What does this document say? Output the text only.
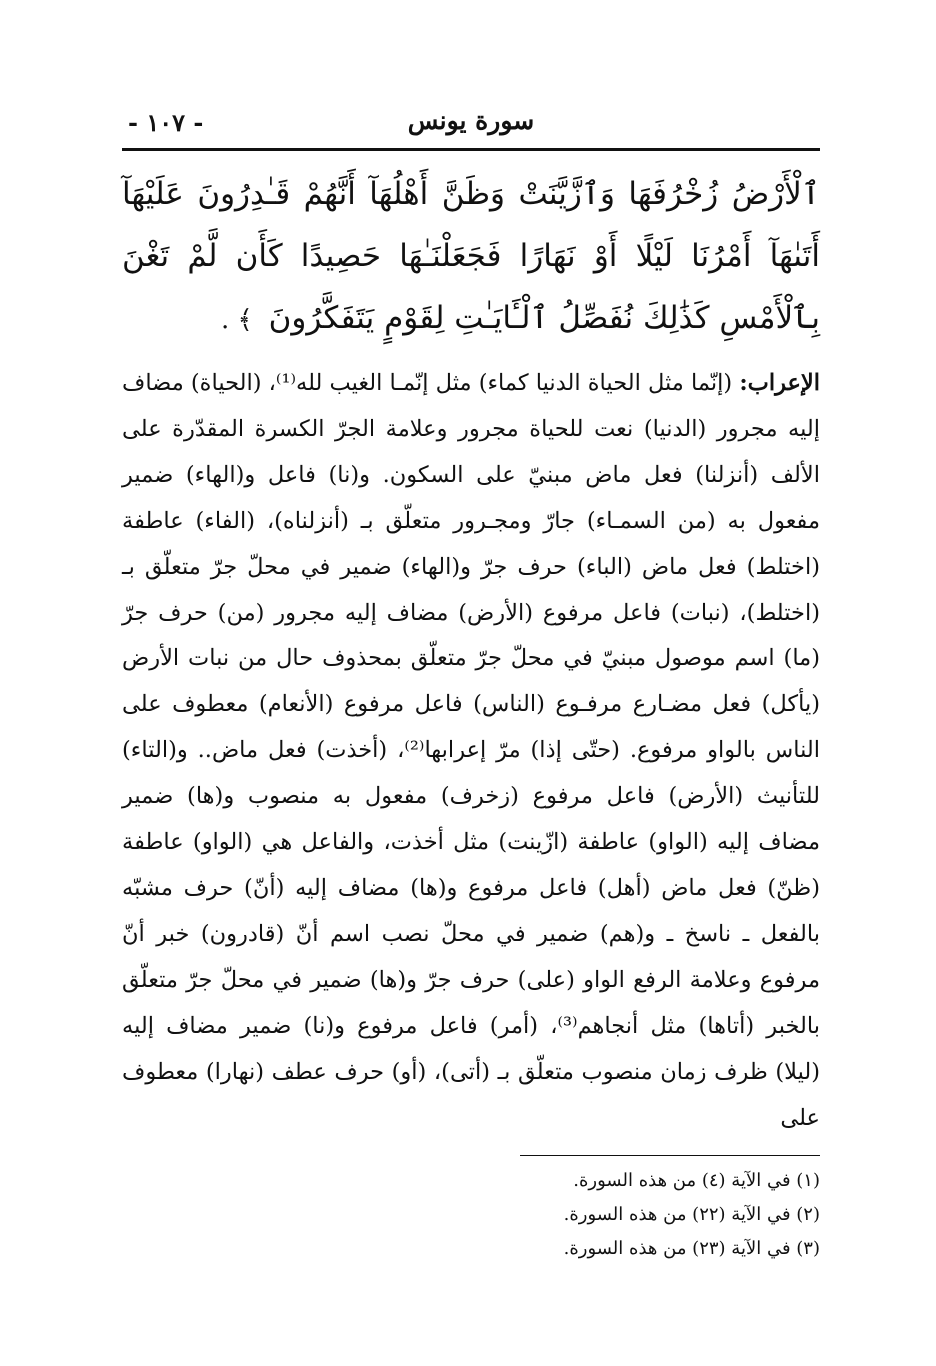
سورة يونس
- ١٠٧ -
ٱلْأَرْضُ زُخْرُفَهَا وَٱزَّيَّنَتْ وَظَنَّ أَهْلُهَآ أَنَّهُمْ قَـٰدِرُونَ عَلَيْهَآ أَتَىٰهَآ أَمْرُنَا لَيْلًا أَوْ نَهَارًا فَجَعَلْنَـٰهَا حَصِيدًا كَأَن لَّمْ تَغْنَ بِٱلْأَمْسِ كَذَٰلِكَ نُفَصِّلُ ٱلْـَٔايَـٰتِ لِقَوْمٍ يَتَفَكَّرُونَ ﴾ .
الإعراب: (إنّما مثل الحياة الدنيا كماء) مثل إنّمـا الغيب لله⁽¹⁾، (الحياة) مضاف إليه مجرور (الدنيا) نعت للحياة مجرور وعلامة الجرّ الكسرة المقدّرة على الألف (أنزلنا) فعل ماض مبنيّ على السكون. و(نا) فاعل و(الهاء) ضمير مفعول به (من السمـاء) جارّ ومجـرور متعلّق بـ (أنزلناه)، (الفاء) عاطفة (اختلط) فعل ماض (الباء) حرف جرّ و(الهاء) ضمير في محلّ جرّ متعلّق بـ (اختلط)، (نبات) فاعل مرفوع (الأرض) مضاف إليه مجرور (من) حرف جرّ (ما) اسم موصول مبنيّ في محلّ جرّ متعلّق بمحذوف حال من نبات الأرض (يأكل) فعل مضـارع مرفـوع (الناس) فاعل مرفوع (الأنعام) معطوف على الناس بالواو مرفوع. (حتّى إذا) مرّ إعرابها⁽²⁾، (أخذت) فعل ماض.. و(التاء) للتأنيث (الأرض) فاعل مرفوع (زخرف) مفعول به منصوب و(ها) ضمير مضاف إليه (الواو) عاطفة (ازّينت) مثل أخذت، والفاعل هي (الواو) عاطفة (ظنّ) فعل ماض (أهل) فاعل مرفوع و(ها) مضاف إليه (أنّ) حرف مشبّه بالفعل ـ ناسخ ـ و(هم) ضمير في محلّ نصب اسم أنّ (قادرون) خبر أنّ مرفوع وعلامة الرفع الواو (على) حرف جرّ و(ها) ضمير في محلّ جرّ متعلّق بالخبر (أتاها) مثل أنجاهم⁽³⁾، (أمر) فاعل مرفوع و(نا) ضمير مضاف إليه (ليلا) ظرف زمان منصوب متعلّق بـ (أتى)، (أو) حرف عطف (نهارا) معطوف على
(١) في الآية (٤) من هذه السورة.
(٢) في الآية (٢٢) من هذه السورة.
(٣) في الآية (٢٣) من هذه السورة.
